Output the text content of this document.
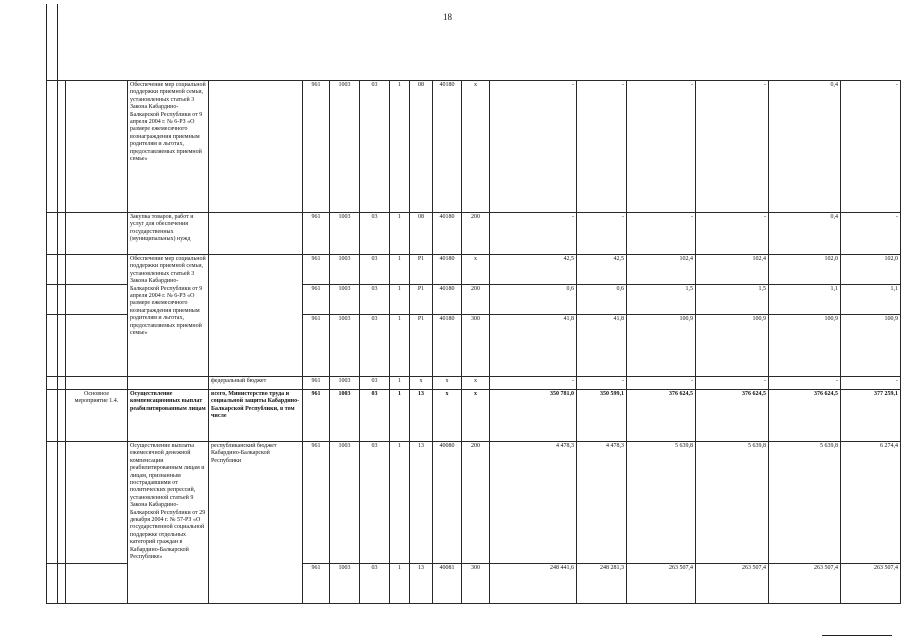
18
			Обеспечение мер социальной поддержки приемной семьи, установленных статьей 3 Закона Кабардино-Балкарской Республики от 9 апреля 2004 г. № 6-РЗ «О размере ежемесячного вознаграждения приемным родителям и льготах, предоставляемых приемной семье»		961	1003	03	1	08	40180	х	-	-	-	-	0,4	-
			Закупка товаров, работ и услуг для обеспечения государственных (муниципальных) нужд		961	1003	03	1	08	40180	200	-	-	-	-	0,4	-
			Обеспечение мер социальной поддержки приемной семьи, установленных статьей 3 Закона Кабардино-Балкарской Республики от 9 апреля 2004 г. № 6-РЗ «О размере ежемесячного вознаграждения приемным родителям и льготах, предоставляемых приемной семье»		961	1003	03	1	Р1	40180	х	42,5	42,5	102,4	102,4	102,0	102,0
					961	1003	03	1	Р1	40180	200	0,6	0,6	1,5	1,5	1,1	1,1
					961	1003	03	1	Р1	40180	300	41,8	41,8	100,9	100,9	100,9	100,9
				федеральный бюджет	961	1003	03	1	х	х	х	-	-	-	-	-	-
		Основное мероприятие 1.4.	Осуществление компенсационных выплат реабилитированным лицам	всего, Министерство труда и социальной защиты Кабардино-Балкарской Республики, в том числе	961	1003	03	1	13	х	х	350 781,0	350 599,1	376 624,5	376 624,5	376 624,5	377 259,1
			Осуществление выплаты ежемесячной денежной компенсации реабилитированным лицам и лицам, признанным пострадавшими от политических репрессий, установленной статьей 9 Закона Кабардино-Балкарской Республики от 29 декабря 2004 г. № 57-РЗ «О государственной социальной поддержке отдельных категорий граждан в Кабардино-Балкарской Республике»	республиканский бюджет Кабардино-Балкарской Республики	961	1003	03	1	13	40080	200	4 478,3	4 478,3	5 639,8	5 639,8	5 639,8	6 274,4
					961	1003	03	1	13	40081	300	248 441,6	248 281,3	263 507,4	263 507,4	263 507,4	263 507,4
